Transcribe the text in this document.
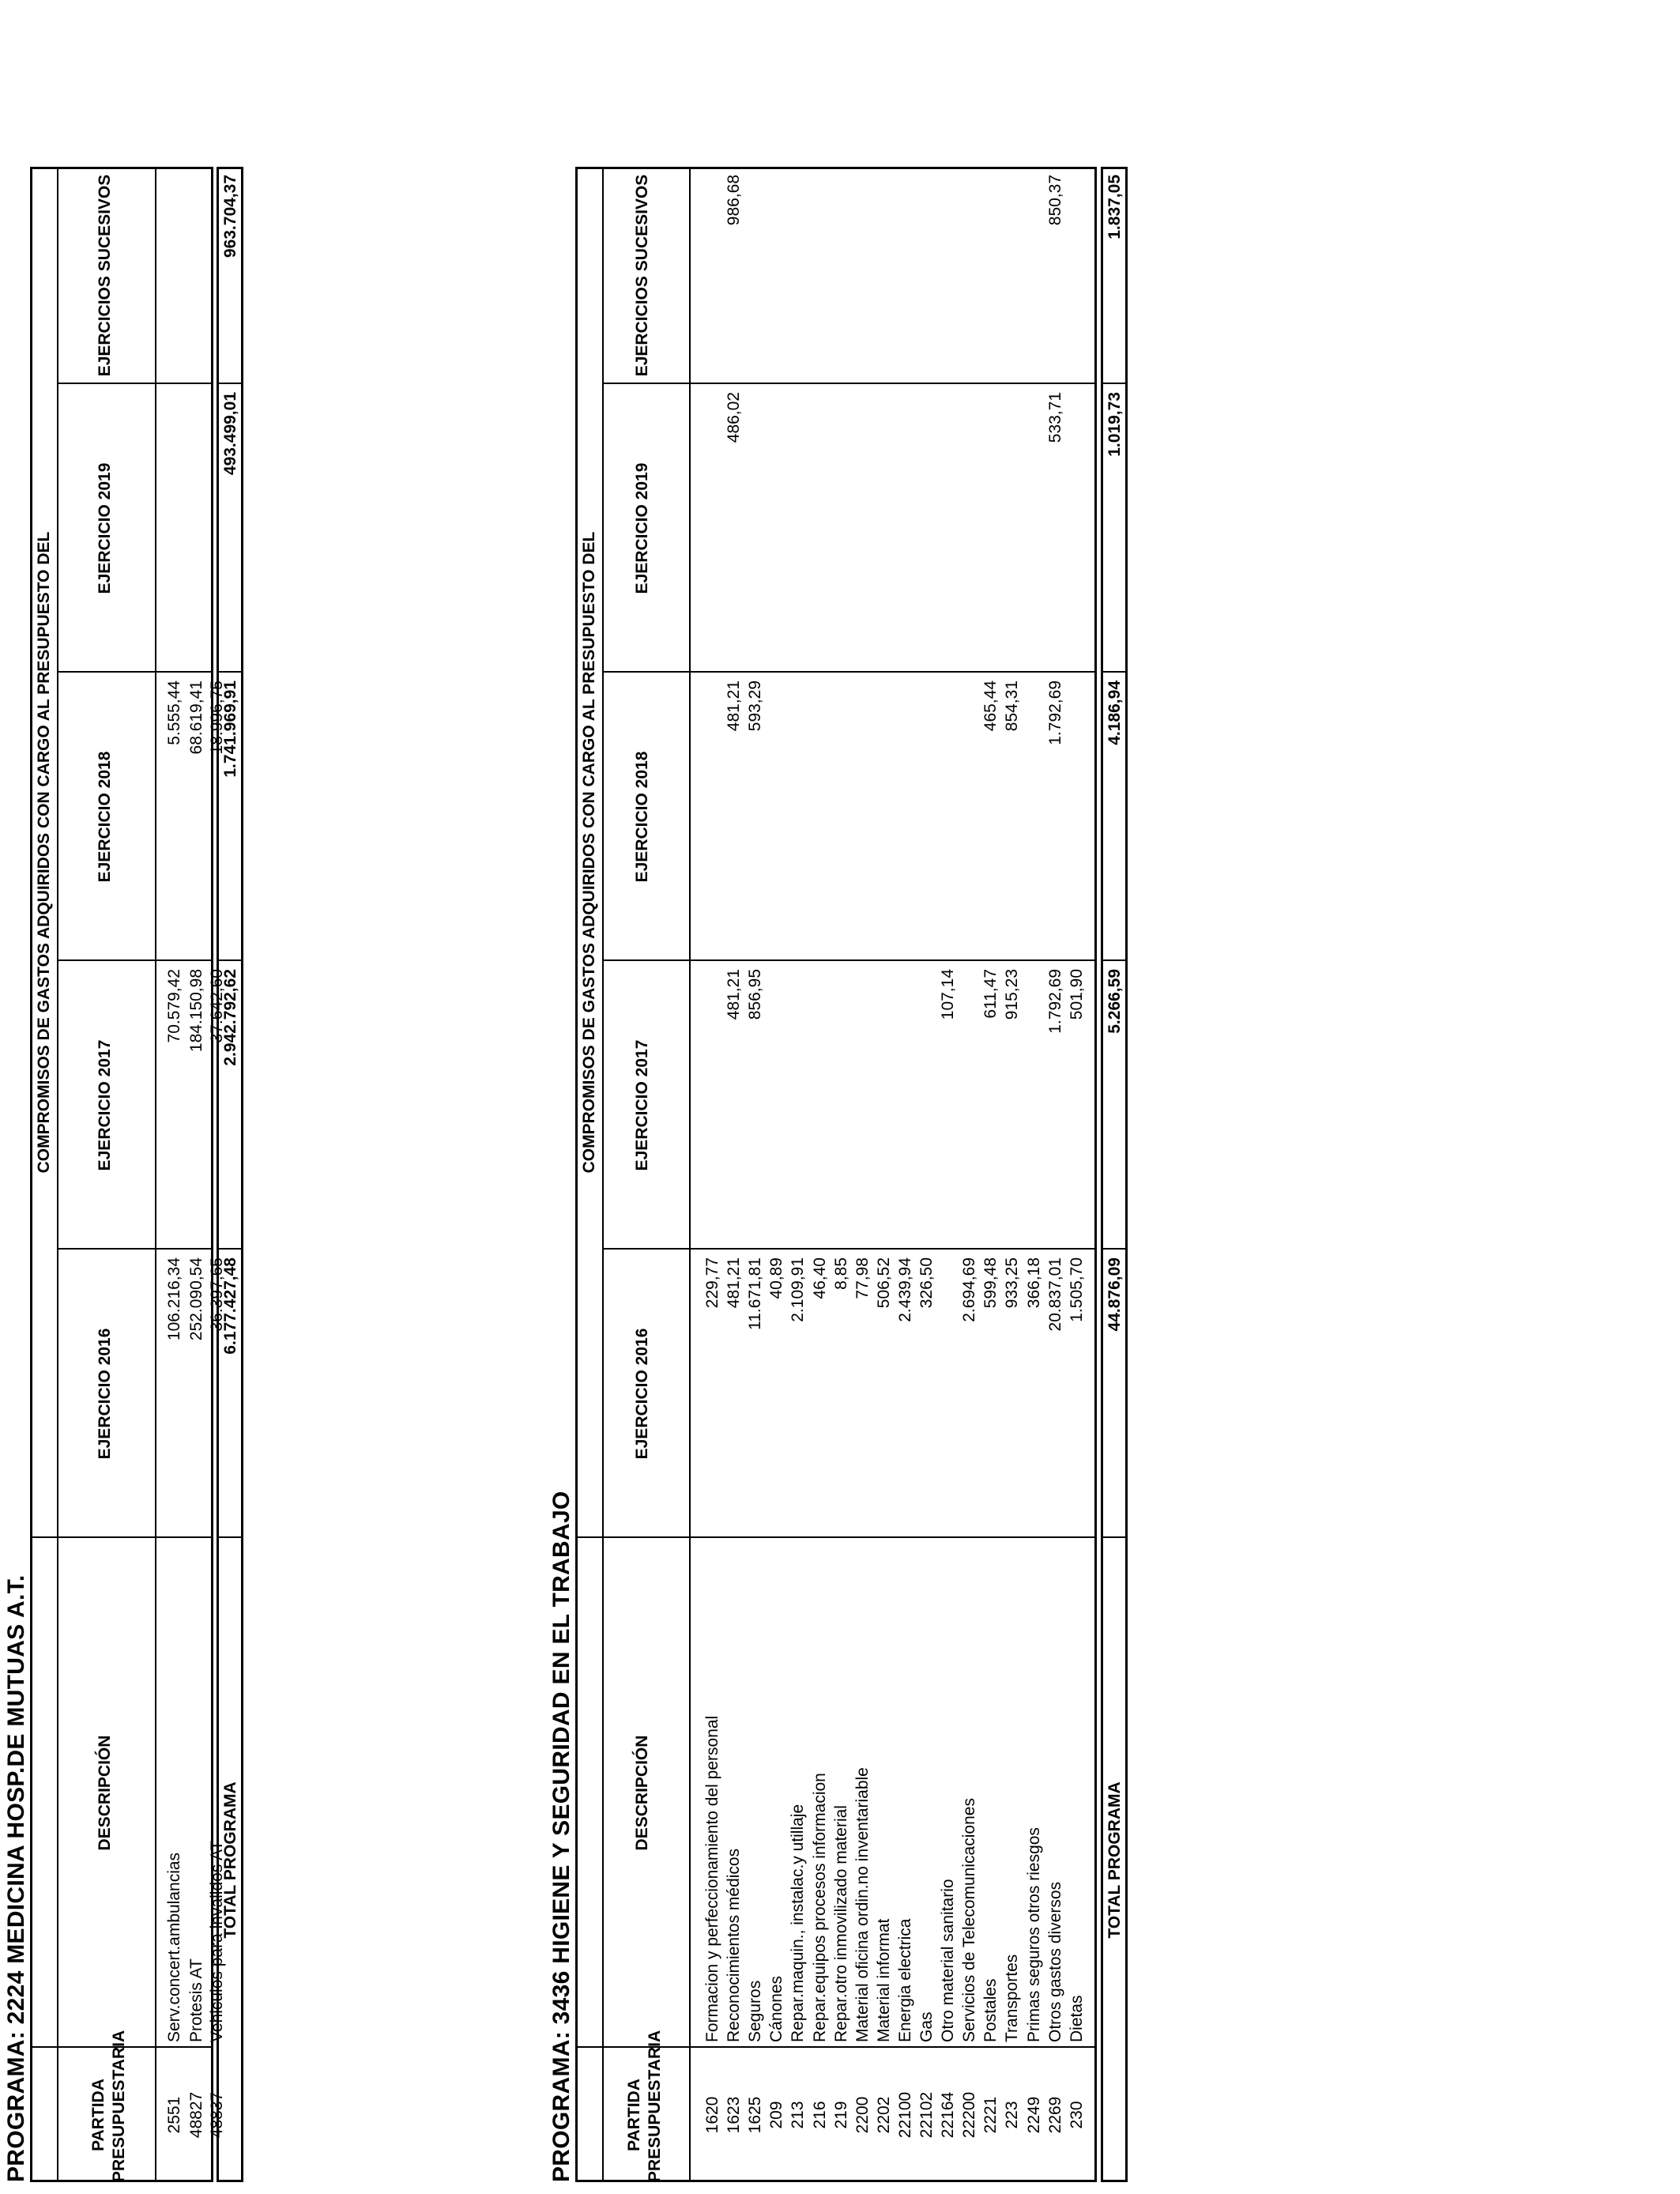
PROGRAMA: 2224 MEDICINA HOSP.DE MUTUAS A.T.	PARTIDA PRESUPUESTARIA
DESCRIPCIÓN
COMPROMISOS DE GASTOS ADQUIRIDOS CON CARGO AL PRESUPUESTO DEL
EJERCICIO 2016
EJERCICIO 2017
EJERCICIO 2018
EJERCICIO 2019
EJERCICIOS SUCESIVOS
2551
Serv.concert.ambulancias
106.216,34
70.579,42
5.555,44
48827
Protesis AT
252.090,54
184.150,98
68.619,41
48837
Vehiculos para invalidos AT
36.397,65
37.642,60
18.996,75
TOTAL PROGRAMA
6.177.427,48
2.942.792,62
1.741.969,91
493.499,01
963.704,37
PROGRAMA: 3436 HIGIENE Y SEGURIDAD EN EL TRABAJO	PARTIDA PRESUPUESTARIA
DESCRIPCIÓN
COMPROMISOS DE GASTOS ADQUIRIDOS CON CARGO AL PRESUPUESTO DEL
EJERCICIO 2016
EJERCICIO 2017
EJERCICIO 2018
EJERCICIO 2019
EJERCICIOS SUCESIVOS
1620
Formacion y perfeccionamiento del personal
229,77
1623
Reconocimientos médicos
481,21
481,21
481,21
486,02
986,68
1625
Seguros
11.671,81
856,95
593,29
209
Cánones
40,89
213
Repar.maquin., instalac.y utillaje
2.109,91
216
Repar.equipos procesos informacion
46,40
219
Repar.otro inmovilizado material
8,85
2200
Material oficina ordin.no inventariable
77,98
2202
Material informat
506,52
22100
Energia electrica
2.439,94
22102
Gas
326,50
22164
Otro material sanitario
107,14
22200
Servicios de Telecomunicaciones
2.694,69
2221
Postales
599,48
611,47
465,44
223
Transportes
933,25
915,23
854,31
2249
Primas seguros otros riesgos
366,18
2269
Otros gastos diversos
20.837,01
1.792,69
1.792,69
533,71
850,37
230
Dietas
1.505,70
501,90
TOTAL PROGRAMA
44.876,09
5.266,59
4.186,94
1.019,73
1.837,05
